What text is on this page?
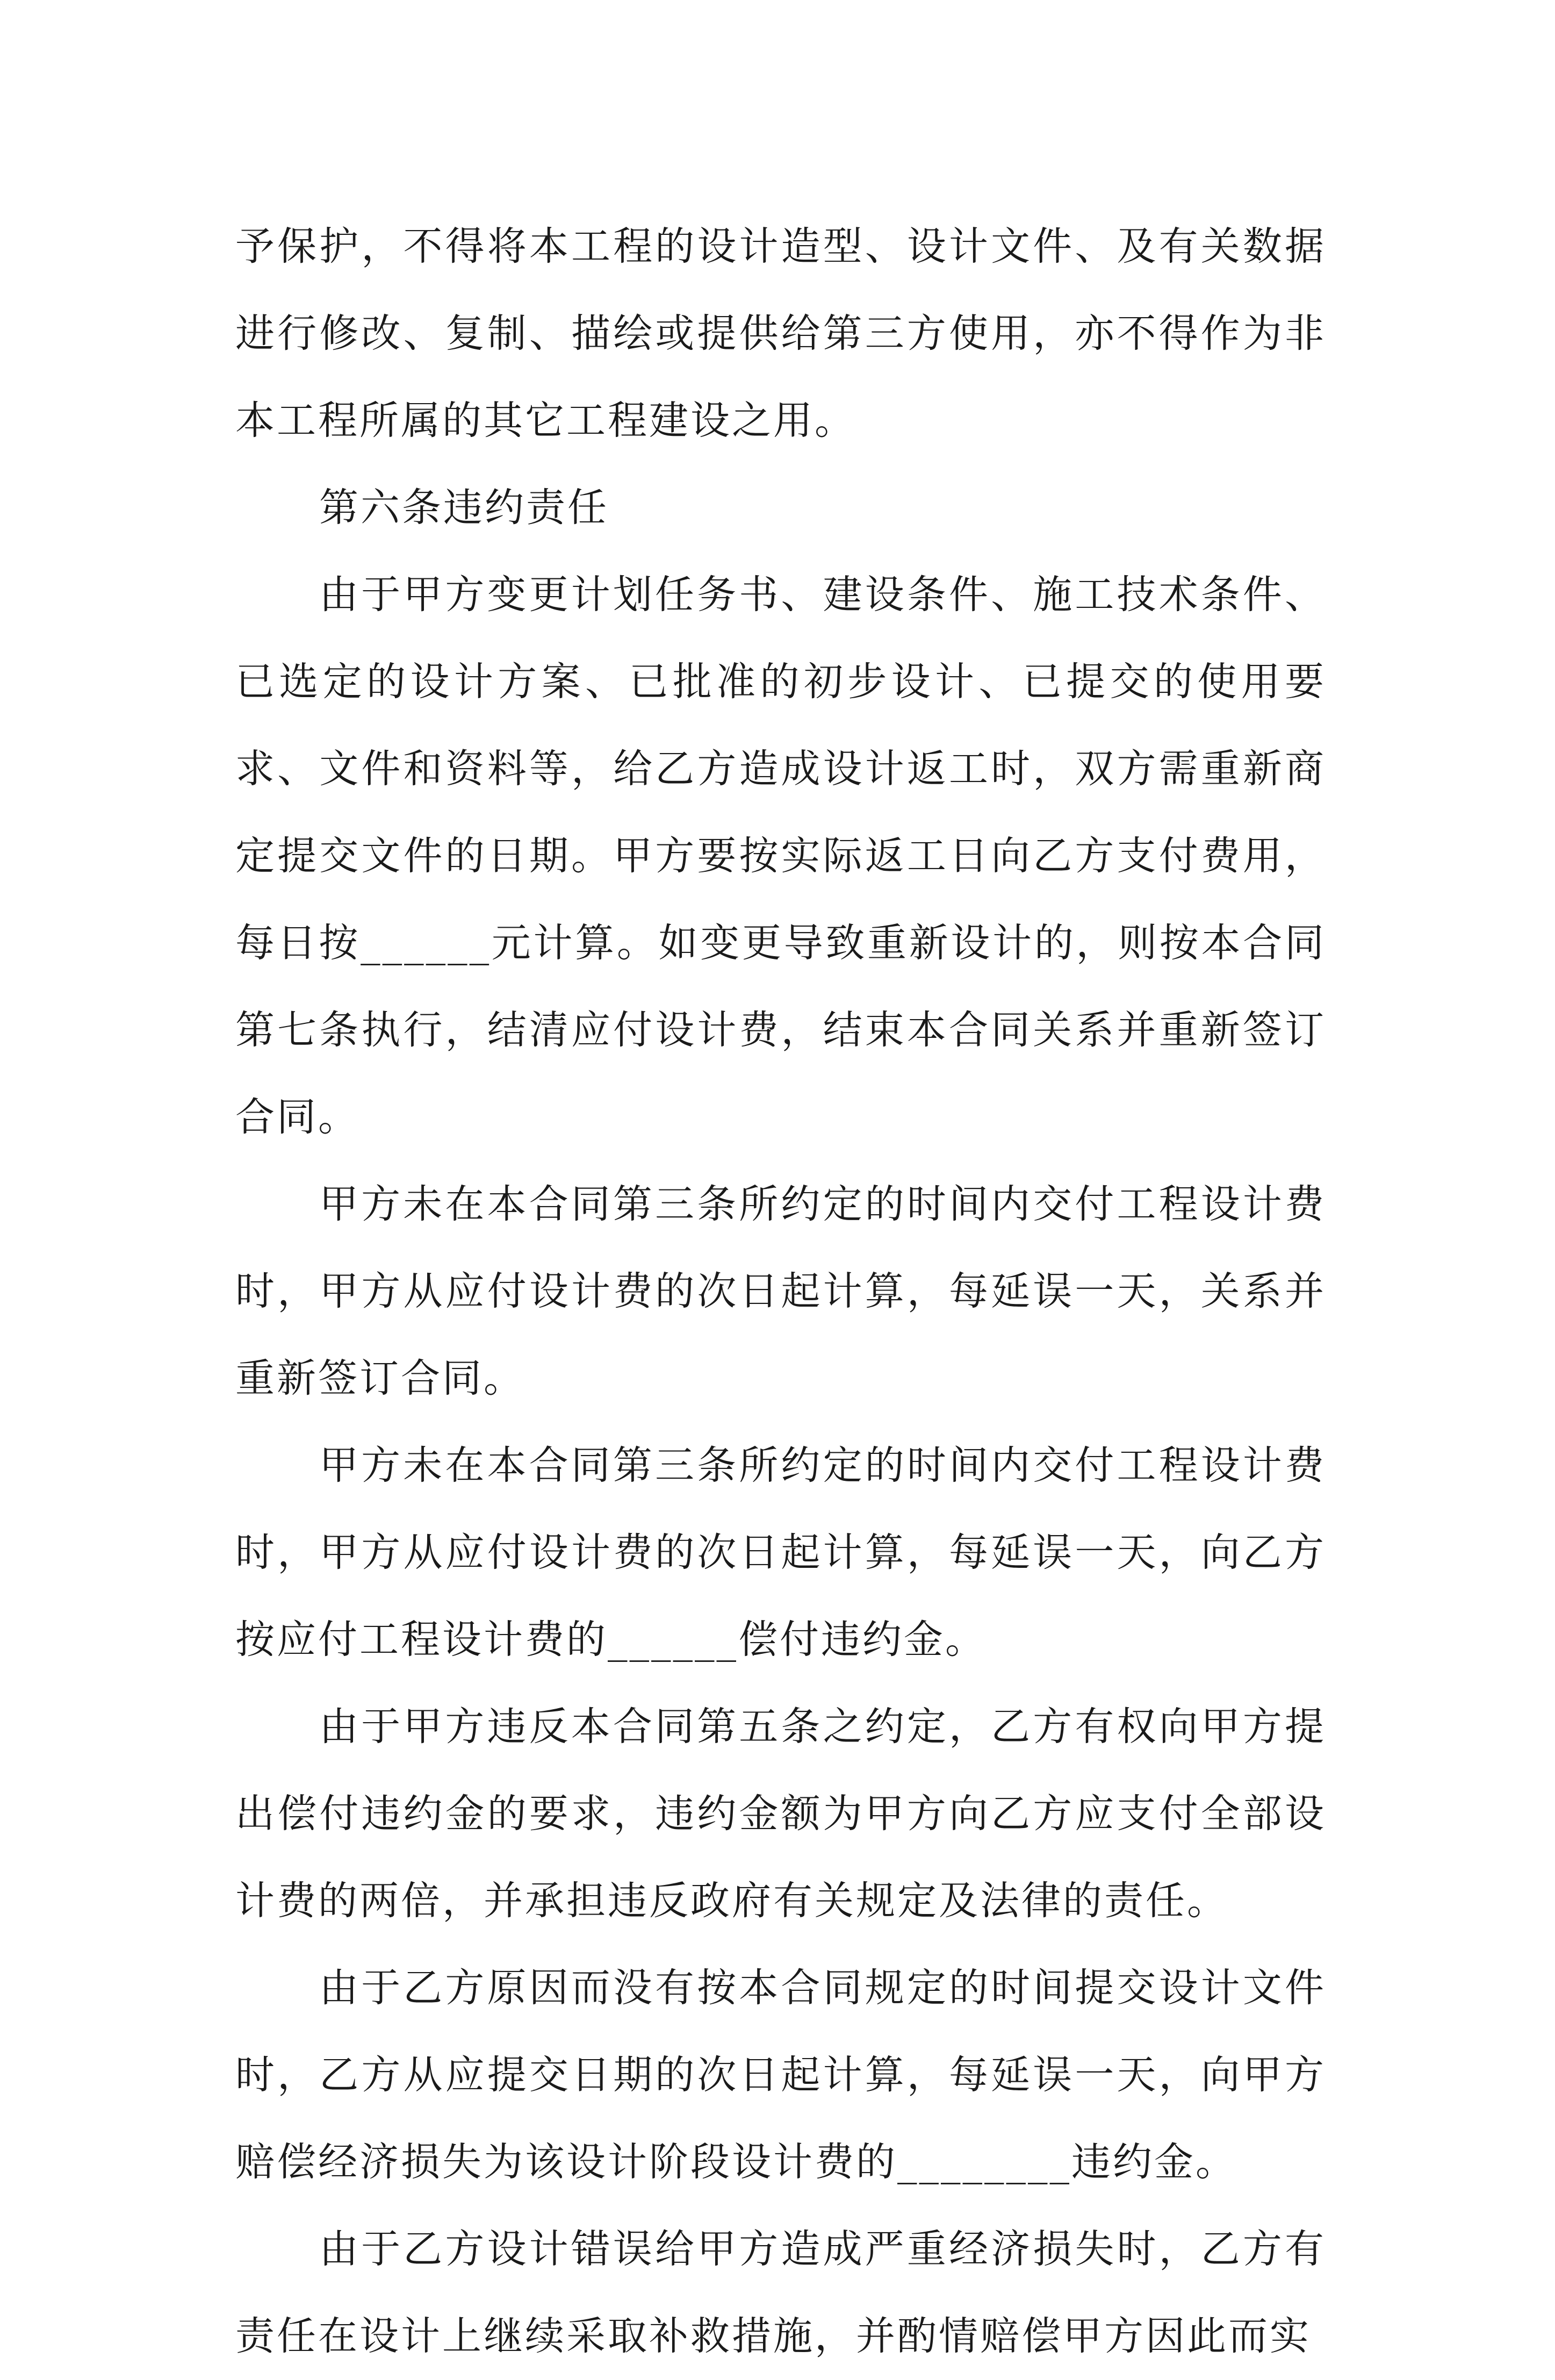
予保护，不得将本工程的设计造型、设计文件、及有关数据进行修改、复制、描绘或提供给第三方使用，亦不得作为非本工程所属的其它工程建设之用。

第六条违约责任

由于甲方变更计划任务书、建设条件、施工技术条件、已选定的设计方案、已批准的初步设计、已提交的使用要求、文件和资料等，给乙方造成设计返工时，双方需重新商定提交文件的日期。甲方要按实际返工日向乙方支付费用，每日按______元计算。如变更导致重新设计的，则按本合同第七条执行，结清应付设计费，结束本合同关系并重新签订合同。

甲方未在本合同第三条所约定的时间内交付工程设计费时，甲方从应付设计费的次日起计算，每延误一天，关系并重新签订合同。

甲方未在本合同第三条所约定的时间内交付工程设计费时，甲方从应付设计费的次日起计算，每延误一天，向乙方按应付工程设计费的______偿付违约金。

由于甲方违反本合同第五条之约定，乙方有权向甲方提出偿付违约金的要求，违约金额为甲方向乙方应支付全部设计费的两倍，并承担违反政府有关规定及法律的责任。

由于乙方原因而没有按本合同规定的时间提交设计文件时，乙方从应提交日期的次日起计算，每延误一天，向甲方赔偿经济损失为该设计阶段设计费的________违约金。

由于乙方设计错误给甲方造成严重经济损失时，乙方有责任在设计上继续采取补救措施，并酌情赔偿甲方因此而实
